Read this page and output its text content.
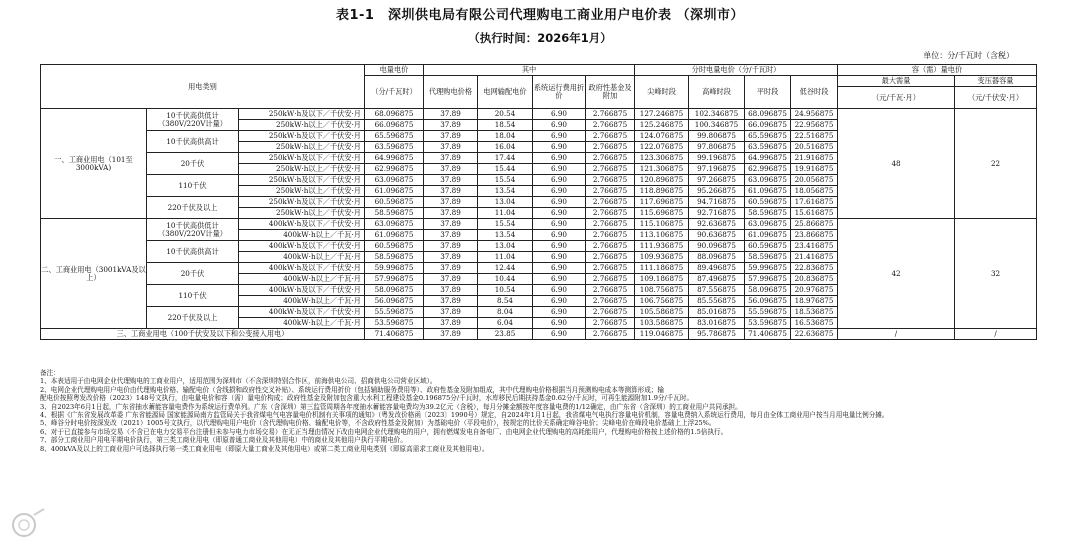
表1-1　深圳供电局有限公司代理购电工商业用户电价表 （深圳市）
（执行时间：2026年1月）
单位：分/千瓦时（含税）
用电类别			电量电价	其中				分时电量电价（分/千瓦时）				容（需）量电价	
			（分/千瓦时）	代理购电价格	电网输配电价	系统运行费用折价	政府性基金及附加	尖峰时段	高峰时段	平时段	低谷时段	最大需量	变压器容量
												（元/千瓦·月）	（元/千伏安·月）
一、工商业用电（101至3000kVA)	10千伏高供低计（380V/220V计量）	250kW·h及以下／千伏安·月	68.096875	37.89	20.54	6.90	2.766875	127.246875	102.346875	68.096875	24.956875	48	22
		250kW·h以上／千伏安·月	66.096875	37.89	18.54	6.90	2.766875	125.246875	100.346875	66.096875	22.956875		
	10千伏高供高计	250kW·h及以下／千伏安·月	65.596875	37.89	18.04	6.90	2.766875	124.076875	99.806875	65.596875	22.516875		
		250kW·h以上／千伏安·月	63.596875	37.89	16.04	6.90	2.766875	122.076875	97.806875	63.596875	20.516875		
	20千伏	250kW·h及以下／千伏安·月	64.996875	37.89	17.44	6.90	2.766875	123.306875	99.196875	64.996875	21.916875		
		250kW·h以上／千伏安·月	62.996875	37.89	15.44	6.90	2.766875	121.306875	97.196875	62.996875	19.916875		
	110千伏	250kW·h及以下／千伏安·月	63.096875	37.89	15.54	6.90	2.766875	120.896875	97.266875	63.096875	20.056875		
		250kW·h以上／千伏安·月	61.096875	37.89	13.54	6.90	2.766875	118.896875	95.266875	61.096875	18.056875		
	220千伏及以上	250kW·h及以下／千伏安·月	60.596875	37.89	13.04	6.90	2.766875	117.696875	94.716875	60.596875	17.616875		
		250kW·h以上／千伏安·月	58.596875	37.89	11.04	6.90	2.766875	115.696875	92.716875	58.596875	15.616875		
二、工商业用电（3001kVA及以上）	10千伏高供低计（380V/220V计量）	400kW·h及以下／千伏安·月	63.096875	37.89	15.54	6.90	2.766875	115.106875	92.636875	63.096875	25.866875	42	32
		400kW·h以上／千瓦·月	61.096875	37.89	13.54	6.90	2.766875	113.106875	90.636875	61.096875	23.866875		
	10千伏高供高计	400kW·h及以下／千伏安·月	60.596875	37.89	13.04	6.90	2.766875	111.936875	90.096875	60.596875	23.416875		
		400kW·h以上／千瓦·月	58.596875	37.89	11.04	6.90	2.766875	109.936875	88.096875	58.596875	21.416875		
	20千伏	400kW·h及以下／千伏安·月	59.996875	37.89	12.44	6.90	2.766875	111.186875	89.496875	59.996875	22.836875		
		400kW·h以上／千瓦·月	57.996875	37.89	10.44	6.90	2.766875	109.186875	87.496875	57.996875	20.836875		
	110千伏	400kW·h及以下／千伏安·月	58.096875	37.89	10.54	6.90	2.766875	108.756875	87.556875	58.096875	20.976875		
		400kW·h以上／千瓦·月	56.096875	37.89	8.54	6.90	2.766875	106.756875	85.556875	56.096875	18.976875		
	220千伏及以上	400kW·h及以下／千伏安·月	55.596875	37.89	8.04	6.90	2.766875	105.586875	85.016875	55.596875	18.536875		
		400kW·h以上／千瓦·月	53.596875	37.89	6.04	6.90	2.766875	103.586875	83.016875	53.596875	16.536875		
三、工商业用电（100千伏安及以下和公变接入用电）			71.406875	37.89	23.85	6.90	2.766875	119.046875	95.786875	71.406875	22.636875	/	/
备注：
1、本表适用于由电网企业代理购电的工商业用户，适用范围为深圳市（不含深圳特别合作区，前海供电公司、招商供电公司营业区域）。
2、电网企业代理购电用户电价由代理购电价格、输配电价（含线损和政府性交叉补贴）、系统运行费用折价（包括辅助服务费用等）、政府性基金及附加组成，其中代理购电价格根据当月预测购电成本等测算形成；输
配电价按照粤发改价格（2023）148号文执行，由电量电价和容（需）量电价构成；政府性基金及附加包含重大水利工程建设基金0.196875分/千瓦时，水库移民后期扶持基金0.62分/千瓦时，可再生能源附加1.9分/千瓦时。
3、自2023年6月1日起，广东省抽水蓄能容量电费作为系统运行费单列。广东（含深圳）第三监管周期各年度抽水蓄能容量电费均为39.2亿元（含税），每月分摊金额按年度容量电费的1/12确定，由广东省（含深圳）的工商业用户共同承担。
4、根据《广东省发展改革委 广东省能源局 国家能源局南方监管局关于我省煤电气电容量电价机制有关事项的通知》（粤发改价格函〔2023〕1990号）规定，自2024年1月1日起，我省煤电气电执行容量电价机制，容量电费纳入系统运行费用，每月由全体工商业用户按当月用电量比例分摊。
5、峰谷分时电价按深发改（2021）1005号文执行，以代理购电用户电价（含代理购电价格、输配电价等，不含政府性基金及附加）为基础电价（平段电价），按规定的比价关系确定峰谷电价；尖峰电价在峰段电价基础上上浮25%。
6、对于已直接参与市场交易（不含已在电力交易平台注册但未参与电力市场交易）在无正当理由情况下改由电网企业代理购电的用户，拥有燃煤发电自备电厂、由电网企业代理购电的高耗能用户，代理购电价格按上述价格的1.5倍执行。
7、部分工商业用户用电平期电价执行，第三类工商业用电（即原普通工商业及其他用电）中的商业及其他用户执行平期电价。
8、400kVA及以上的工商业用户可选择执行第一类工商业用电（即原大量工商业及其他用电）或第二类工商业用电类别（即原高需求工商业及其他用电）。
